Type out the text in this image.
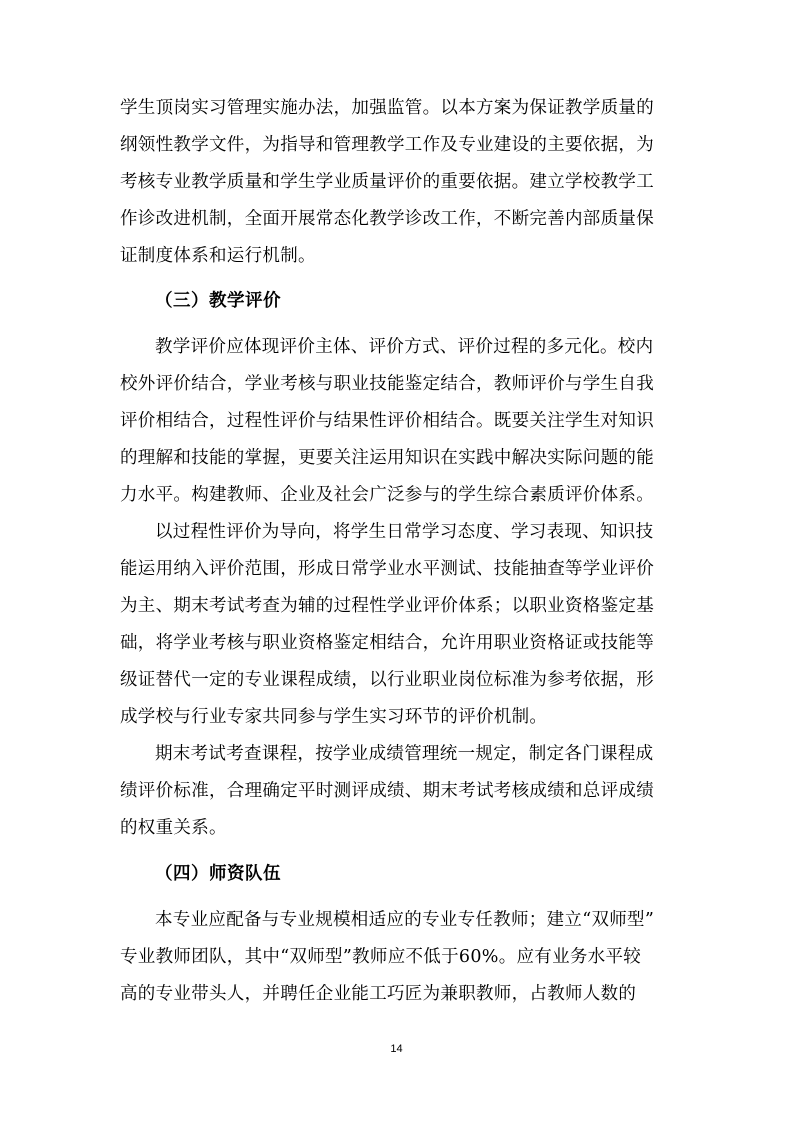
学生顶岗实习管理实施办法，加强监管。以本方案为保证教学质量的
纲领性教学文件，为指导和管理教学工作及专业建设的主要依据，为
考核专业教学质量和学生学业质量评价的重要依据。建立学校教学工
作诊改进机制，全面开展常态化教学诊改工作，不断完善内部质量保
证制度体系和运行机制。
（三）教学评价
教学评价应体现评价主体、评价方式、评价过程的多元化。校内
校外评价结合，学业考核与职业技能鉴定结合，教师评价与学生自我
评价相结合，过程性评价与结果性评价相结合。既要关注学生对知识
的理解和技能的掌握，更要关注运用知识在实践中解决实际问题的能
力水平。构建教师、企业及社会广泛参与的学生综合素质评价体系。
以过程性评价为导向，将学生日常学习态度、学习表现、知识技
能运用纳入评价范围，形成日常学业水平测试、技能抽查等学业评价
为主、期末考试考查为辅的过程性学业评价体系；以职业资格鉴定基
础，将学业考核与职业资格鉴定相结合，允许用职业资格证或技能等
级证替代一定的专业课程成绩，以行业职业岗位标准为参考依据，形
成学校与行业专家共同参与学生实习环节的评价机制。
期末考试考查课程，按学业成绩管理统一规定，制定各门课程成
绩评价标准，合理确定平时测评成绩、期末考试考核成绩和总评成绩
的权重关系。
（四）师资队伍
本专业应配备与专业规模相适应的专业专任教师；建立“双师型”
专业教师团队，其中“双师型”教师应不低于60%。应有业务水平较
高的专业带头人，并聘任企业能工巧匠为兼职教师，占教师人数的
14
